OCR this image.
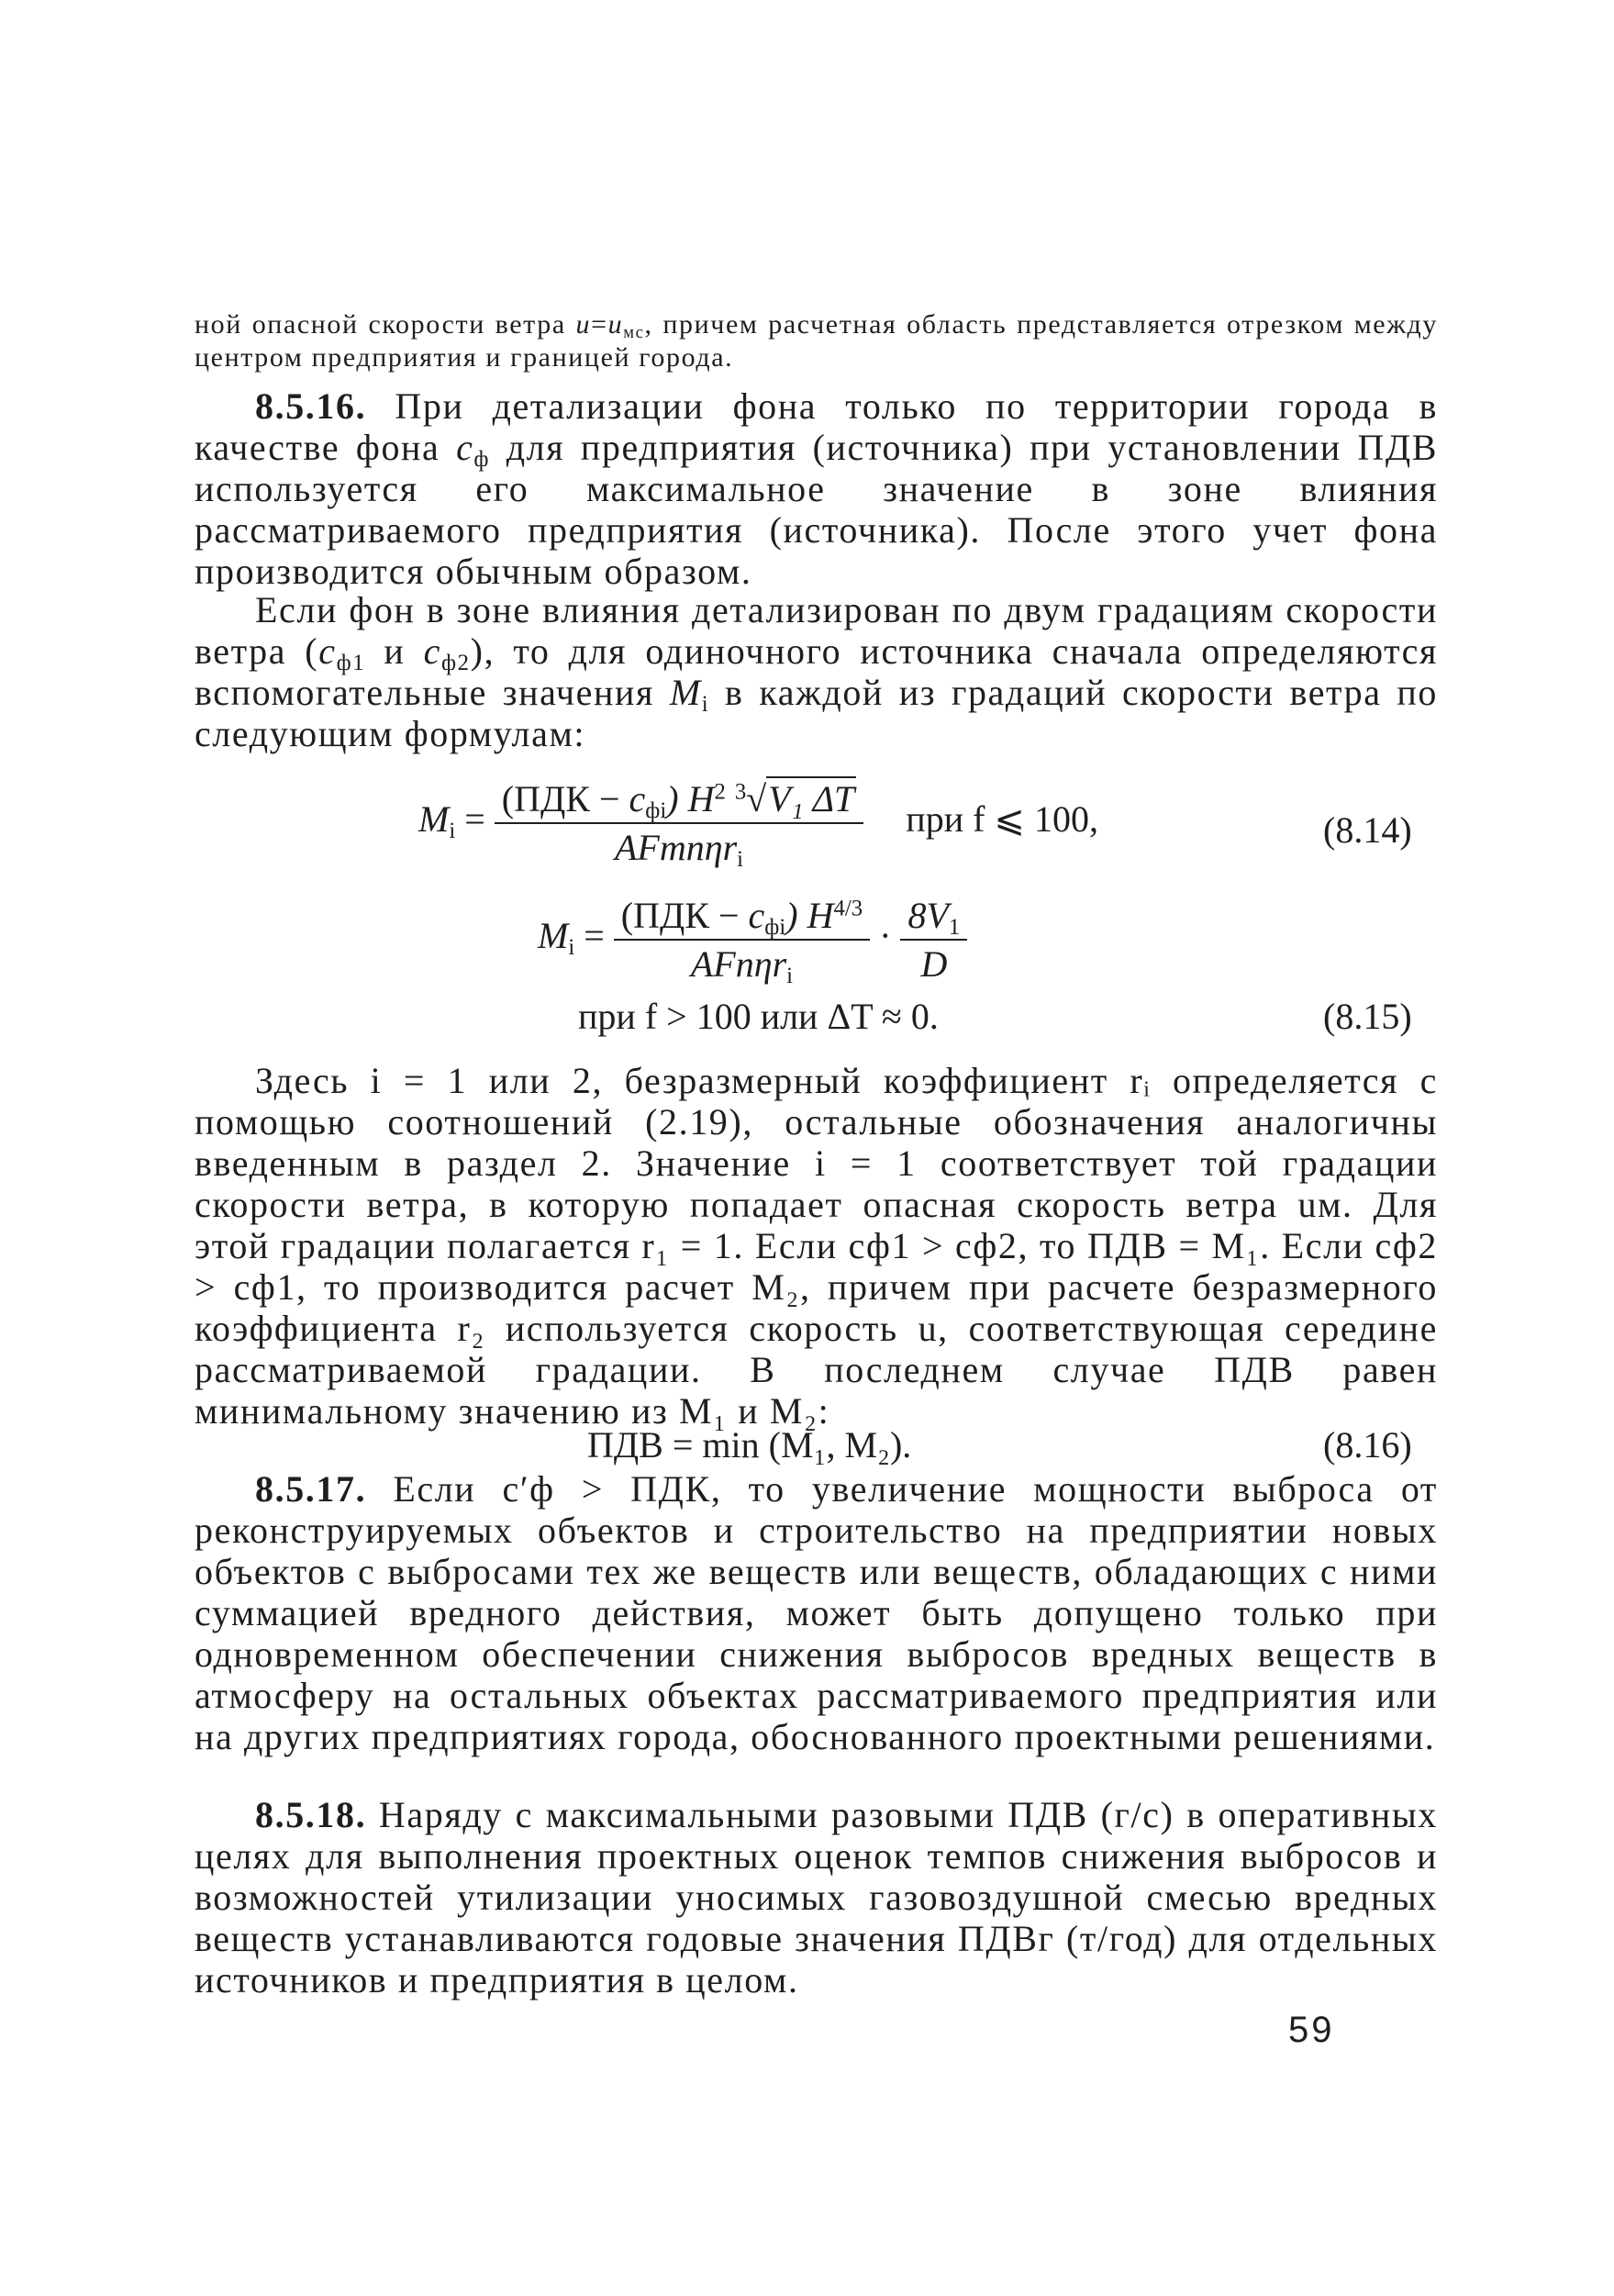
ной опасной скорости ветра $u=u_{мс}$, причем расчетная область представляется отрезком между центром предприятия и границей города.
8.5.16. При детализации фона только по территории города в качестве фона $c_ф$ для предприятия (источника) при установлении ПДВ используется его максимальное значение в зоне влияния рассматриваемого предприятия (источника). После этого учет фона производится обычным образом.
Если фон в зоне влияния детализирован по двум градациям скорости ветра ($c_{ф1}$ и $c_{ф2}$), то для одиночного источника сначала определяются вспомогательные значения $M_i$ в каждой из градаций скорости ветра по следующим формулам:
$M_i = \frac{(ПДК - c_{фi}) H^2 ^3√V_1 \Delta T}{AFmn\eta r_i}$ при f ⩽ 100,	(8.14)
$M_i = \frac{(ПДК - c_{фi}) H^{4/3}}{AFn\eta r_i} \cdot \frac{8V_1}{D}$
при f > 100 или ΔT ≈ 0.	(8.15)
Здесь i = 1 или 2, безразмерный коэффициент rᵢ определяется с помощью соотношений (2.19), остальные обозначения аналогичны введенным в раздел 2. Значение i = 1 соответствует той градации скорости ветра, в которую попадает опасная скорость ветра uм. Для этой градации полагается r₁ = 1. Если cф1 > cф2, то ПДВ = M₁. Если cф2 > cф1, то производится расчет M₂, причем при расчете безразмерного коэффициента r₂ используется скорость u, соответствующая середине рассматриваемой градации. В последнем случае ПДВ равен минимальному значению из M₁ и M₂:
ПДВ = min (M₁, M₂).	(8.16)
8.5.17. Если c′ф > ПДК, то увеличение мощности выброса от реконструируемых объектов и строительство на предприятии новых объектов с выбросами тех же веществ или веществ, обладающих с ними суммацией вредного действия, может быть допущено только при одновременном обеспечении снижения выбросов вредных веществ в атмосферу на остальных объектах рассматриваемого предприятия или на других предприятиях города, обоснованного проектными решениями.
8.5.18. Наряду с максимальными разовыми ПДВ (г/с) в оперативных целях для выполнения проектных оценок темпов снижения выбросов и возможностей утилизации уносимых газовоздушной смесью вредных веществ устанавливаются годовые значения ПДВг (т/год) для отдельных источников и предприятия в целом.
59
